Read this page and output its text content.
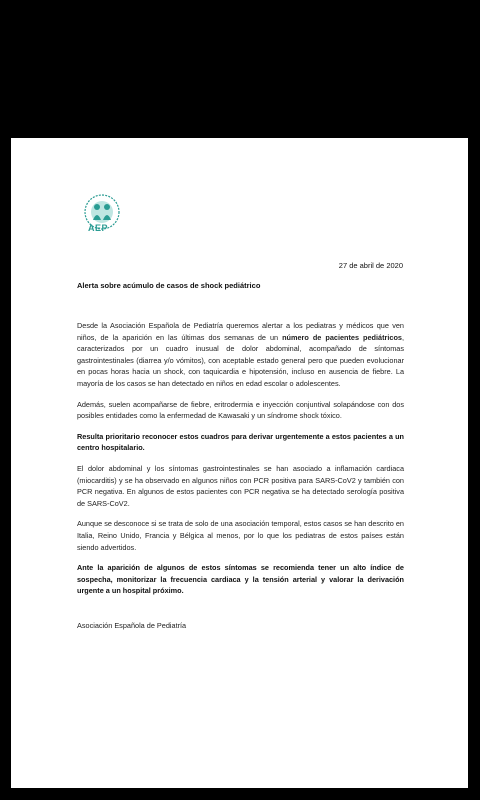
AEP
27 de abril de 2020
Alerta sobre acúmulo de casos de shock pediátrico

Desde la Asociación Española de Pediatría queremos alertar a los pediatras y médicos que ven niños, de la aparición en las últimas dos semanas de un número de pacientes pediátricos, caracterizados por un cuadro inusual de dolor abdominal, acompañado de síntomas gastrointestinales (diarrea y/o vómitos), con aceptable estado general pero que pueden evolucionar en pocas horas hacia un shock, con taquicardia e hipotensión, incluso en ausencia de fiebre. La mayoría de los casos se han detectado en niños en edad escolar o adolescentes.

Además, suelen acompañarse de fiebre, eritrodermia e inyección conjuntival solapándose con dos posibles entidades como la enfermedad de Kawasaki y un síndrome shock tóxico.

Resulta prioritario reconocer estos cuadros para derivar urgentemente a estos pacientes a un centro hospitalario.

El dolor abdominal y los síntomas gastrointestinales se han asociado a inflamación cardiaca (miocarditis) y se ha observado en algunos niños con PCR positiva para SARS-CoV2 y también con PCR negativa. En algunos de estos pacientes con PCR negativa se ha detectado serología positiva de SARS-CoV2.

Aunque se desconoce si se trata de solo de una asociación temporal, estos casos se han descrito en Italia, Reino Unido, Francia y Bélgica al menos, por lo que los pediatras de estos países están siendo advertidos.

Ante la aparición de algunos de estos síntomas se recomienda tener un alto índice de sospecha, monitorizar la frecuencia cardiaca y la tensión arterial y valorar la derivación urgente a un hospital próximo.

Asociación Española de Pediatría
